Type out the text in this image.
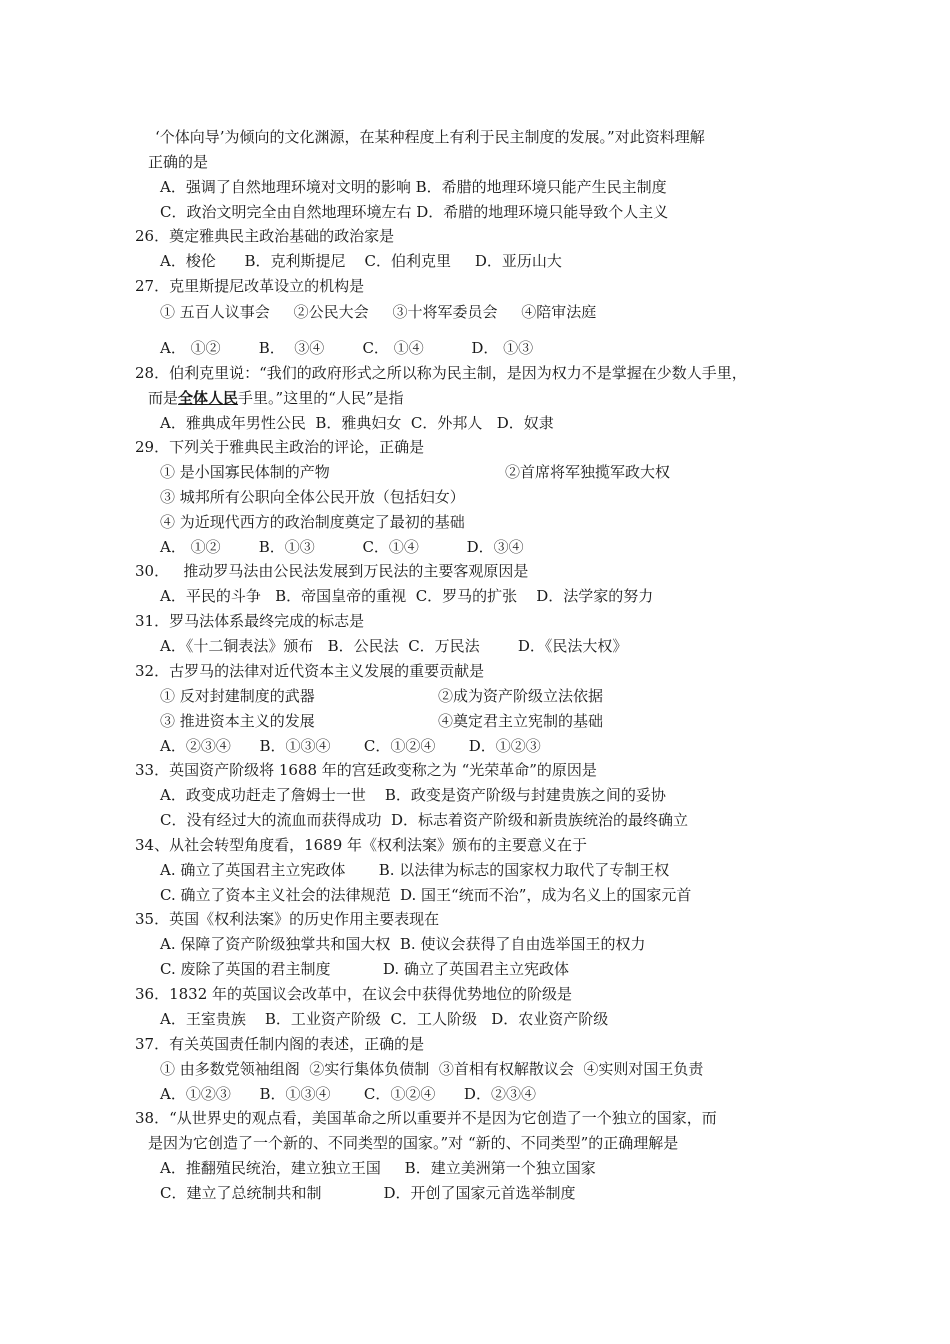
‘个体向导’为倾向的文化渊源，在某种程度上有利于民主制度的发展。”对此资料理解
正确的是
A．强调了自然地理环境对文明的影响 B．希腊的地理环境只能产生民主制度
C．政治文明完全由自然地理环境左右 D．希腊的地理环境只能导致个人主义
26．奠定雅典民主政治基础的政治家是
A．梭伦      B．克利斯提尼    C．伯利克里     D．亚历山大
27．克里斯提尼改革设立的机构是
① 五百人议事会     ②公民大会     ③十将军委员会     ④陪审法庭
A． ①②        B．  ③④        C． ①④          D． ①③
28．伯利克里说：“我们的政府形式之所以称为民主制，是因为权力不是掌握在少数人手里，
而是全体人民手里。”这里的“人民”是指
A．雅典成年男性公民  B．雅典妇女  C．外邦人   D．奴隶
29．下列关于雅典民主政治的评论，正确是
① 是小国寡民体制的产物	②首席将军独揽军政大权
③ 城邦所有公职向全体公民开放（包括妇女）
④ 为近现代西方的政治制度奠定了最初的基础
A． ①②        B．①③          C．①④          D．③④
30．   推动罗马法由公民法发展到万民法的主要客观原因是
A．平民的斗争   B．帝国皇帝的重视  C．罗马的扩张    D．法学家的努力
31．罗马法体系最终完成的标志是
A．《十二铜表法》颁布   B．公民法  C．万民法        D．《民法大权》
32．古罗马的法律对近代资本主义发展的重要贡献是
① 反对封建制度的武器	②成为资产阶级立法依据
③ 推进资本主义的发展	④奠定君主立宪制的基础
A．②③④      B．①③④       C．①②④       D．①②③
33．英国资产阶级将 1688 年的宫廷政变称之为 “光荣革命”的原因是
A．政变成功赶走了詹姆士一世    B．政变是资产阶级与封建贵族之间的妥协
C．没有经过大的流血而获得成功  D．标志着资产阶级和新贵族统治的最终确立
34、从社会转型角度看，1689 年《权利法案》颁布的主要意义在于
A. 确立了英国君主立宪政体       B. 以法律为标志的国家权力取代了专制王权
C. 确立了资本主义社会的法律规范  D. 国王“统而不治”，成为名义上的国家元首
35．英国《权利法案》的历史作用主要表现在
A. 保障了资产阶级独掌共和国大权  B. 使议会获得了自由选举国王的权力
C. 废除了英国的君主制度           D. 确立了英国君主立宪政体
36．1832 年的英国议会改革中，在议会中获得优势地位的阶级是
A．王室贵族    B．工业资产阶级  C．工人阶级   D．农业资产阶级
37．有关英国责任制内阁的表述，正确的是
① 由多数党领袖组阁  ②实行集体负债制  ③首相有权解散议会  ④实则对国王负责
A．①②③      B．①③④       C．①②④      D．②③④
38．“从世界史的观点看，美国革命之所以重要并不是因为它创造了一个独立的国家，而
是因为它创造了一个新的、不同类型的国家。”对 “新的、不同类型”的正确理解是
A．推翻殖民统治，建立独立王国     B．建立美洲第一个独立国家
C．建立了总统制共和制             D．开创了国家元首选举制度
